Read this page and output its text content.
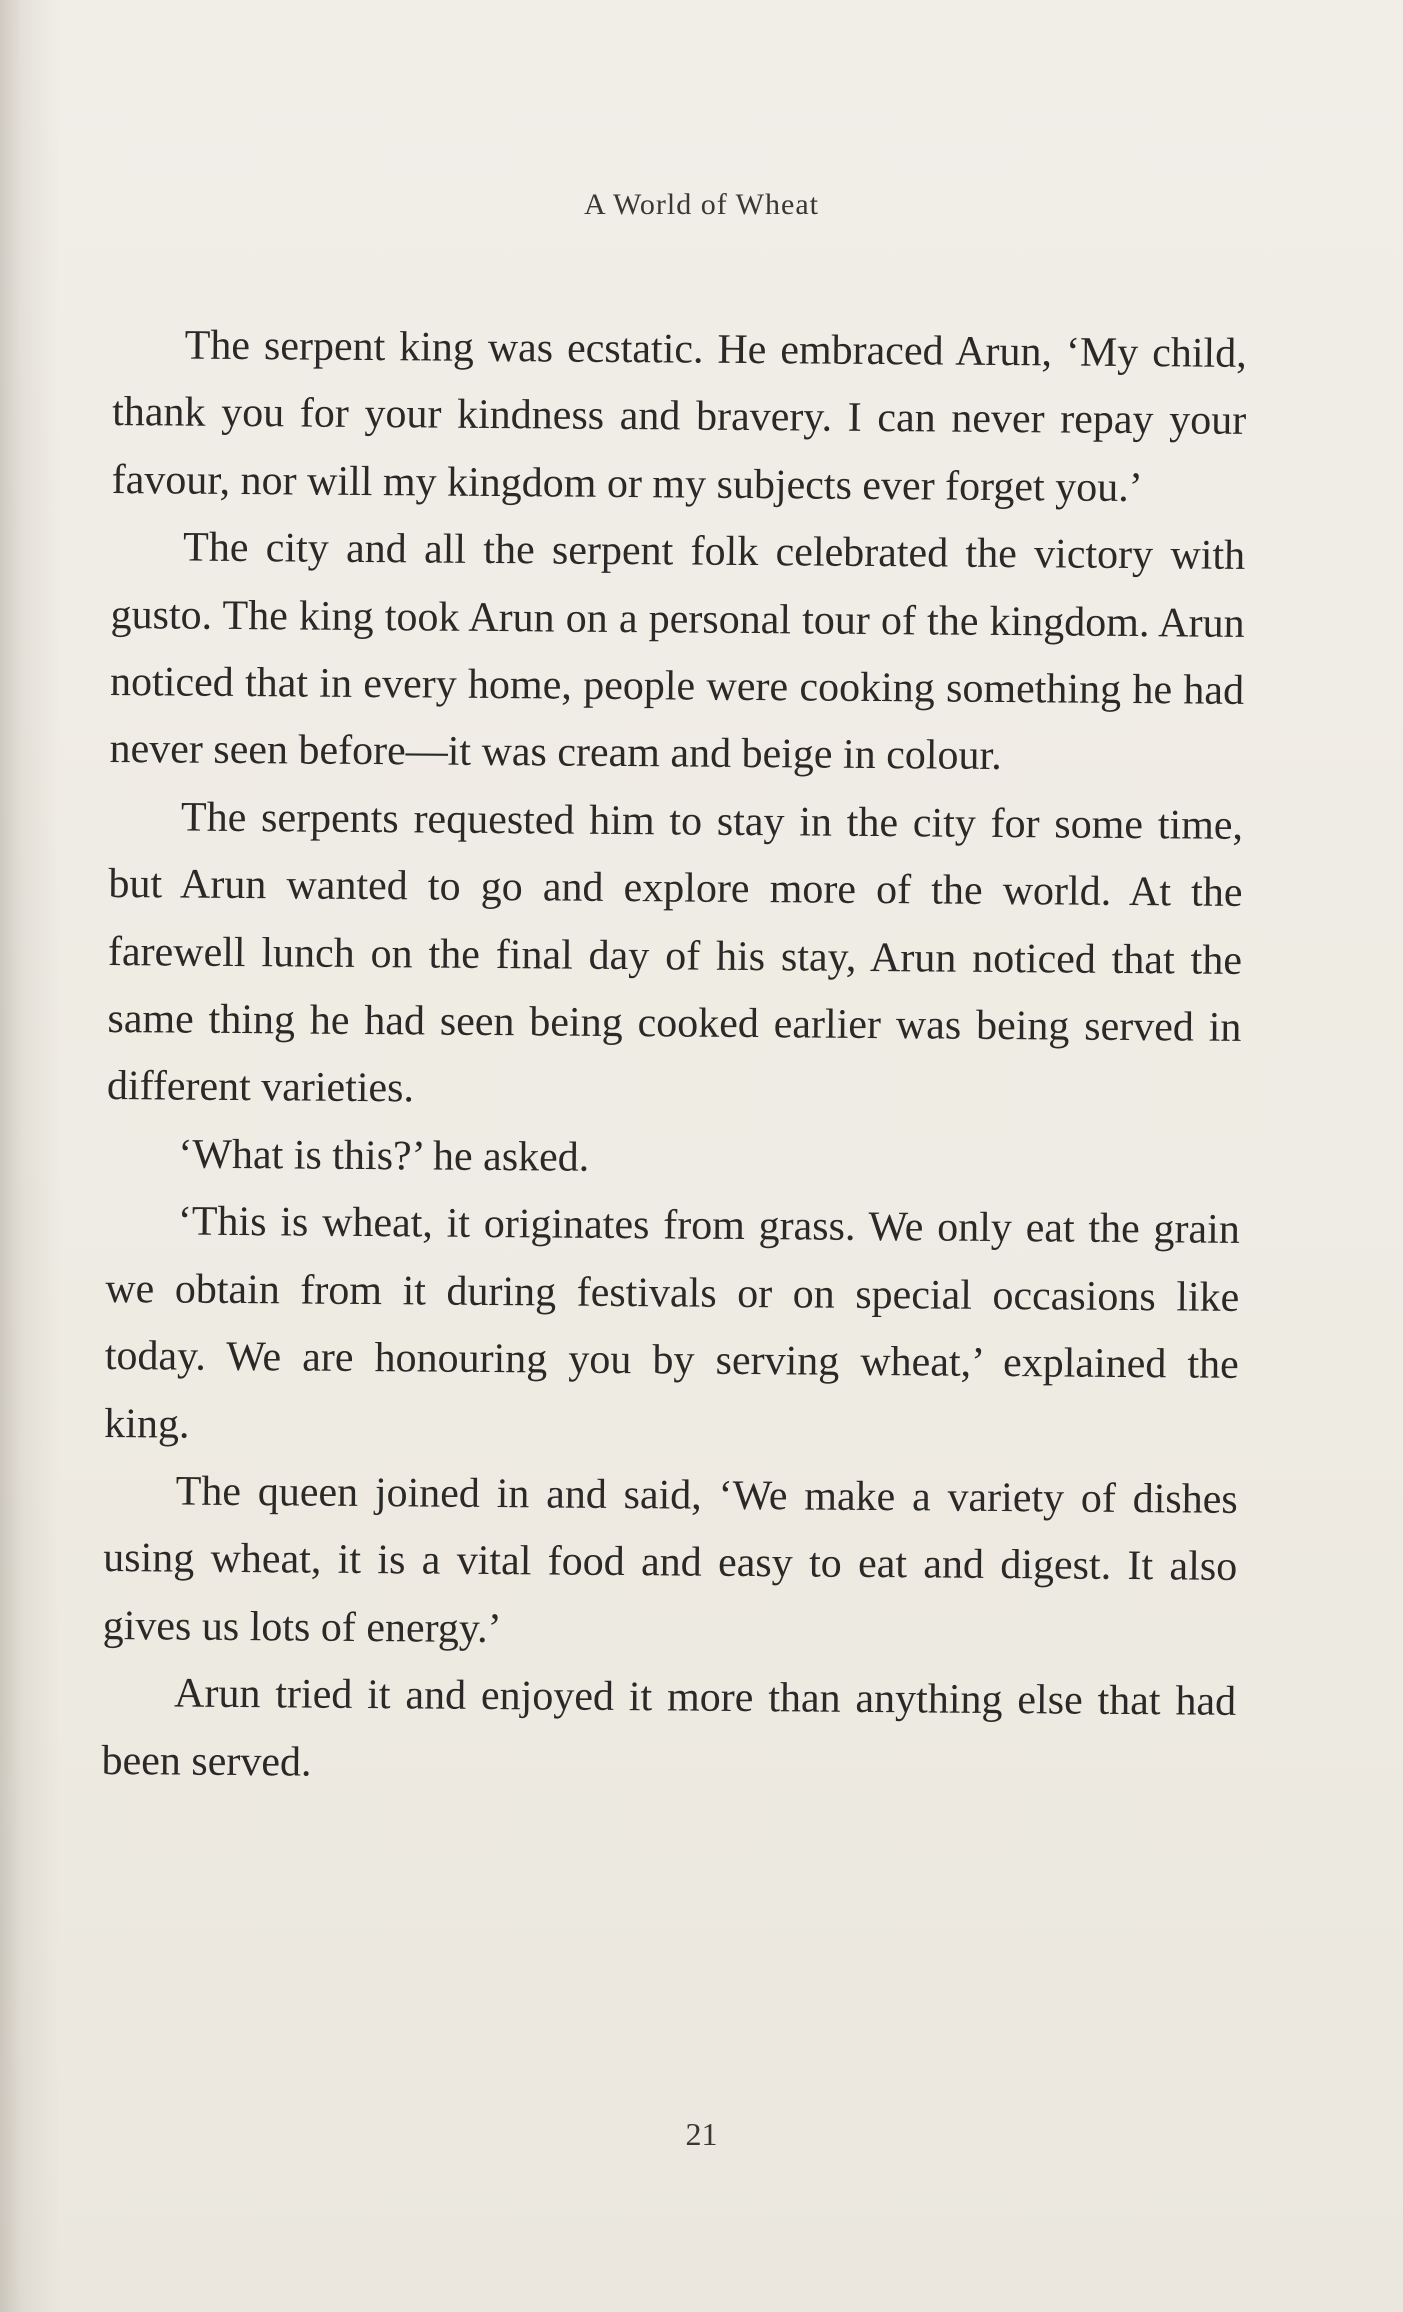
A World of Wheat

The serpent king was ecstatic. He embraced Arun, ‘My child, thank you for your kindness and bravery. I can never repay your favour, nor will my kingdom or my subjects ever forget you.’

The city and all the serpent folk celebrated the victory with gusto. The king took Arun on a personal tour of the kingdom. Arun noticed that in every home, people were cooking something he had never seen before—it was cream and beige in colour.

The serpents requested him to stay in the city for some time, but Arun wanted to go and explore more of the world. At the farewell lunch on the final day of his stay, Arun noticed that the same thing he had seen being cooked earlier was being served in different varieties.

‘What is this?’ he asked.

‘This is wheat, it originates from grass. We only eat the grain we obtain from it during festivals or on special occasions like today. We are honouring you by serving wheat,’ explained the king.

The queen joined in and said, ‘We make a variety of dishes using wheat, it is a vital food and easy to eat and digest. It also gives us lots of energy.’

Arun tried it and enjoyed it more than anything else that had been served.

21
